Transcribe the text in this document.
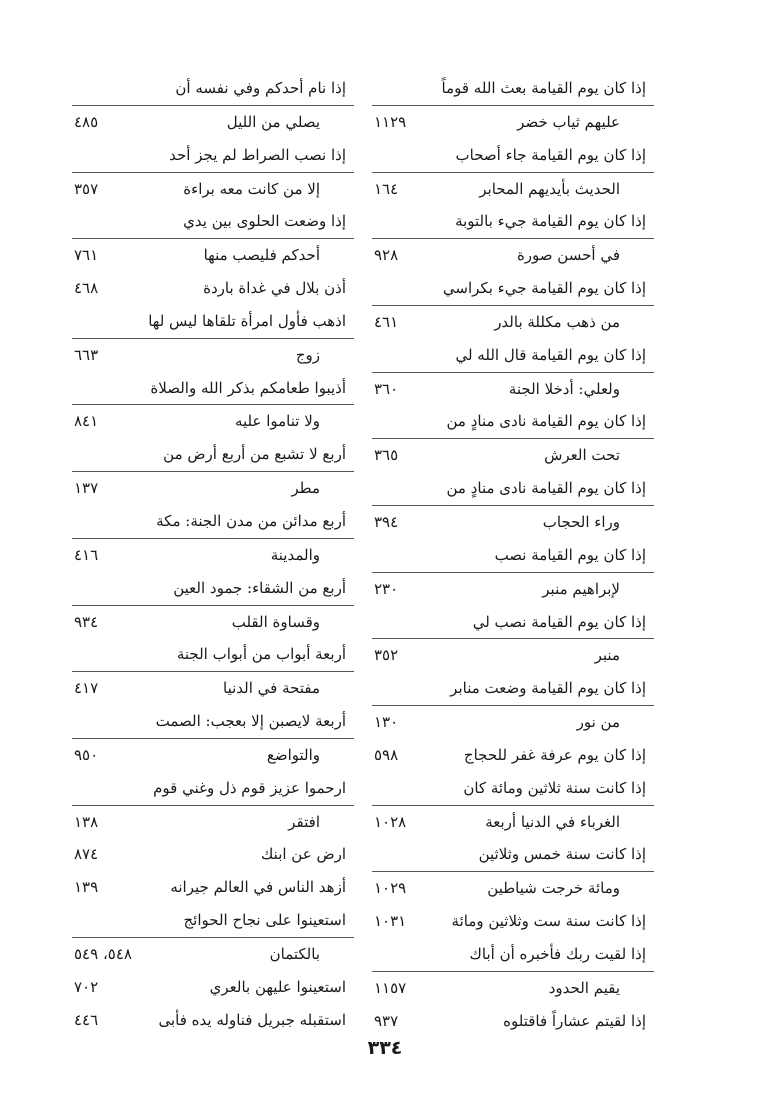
إذا كان يوم القيامة بعث الله قوماً
عليهم ثياب خضر
١١٢٩
إذا كان يوم القيامة جاء أصحاب
الحديث بأيديهم المحابر
١٦٤
إذا كان يوم القيامة جيء بالتوبة
في أحسن صورة
٩٢٨
إذا كان يوم القيامة جيء بكراسي
من ذهب مكللة بالدر
٤٦١
إذا كان يوم القيامة قال الله لي
ولعلي: أدخلا الجنة
٣٦٠
إذا كان يوم القيامة نادى منادٍ من
تحت العرش
٣٦٥
إذا كان يوم القيامة نادى منادٍ من
وراء الحجاب
٣٩٤
إذا كان يوم القيامة نصب
لإبراهيم منبر
٢٣٠
إذا كان يوم القيامة نصب لي
منبر
٣٥٢
إذا كان يوم القيامة وضعت منابر
من نور
١٣٠
إذا كان يوم عرفة غفر للحجاج
٥٩٨
إذا كانت سنة ثلاثين ومائة كان
الغرباء في الدنيا أربعة
١٠٢٨
إذا كانت سنة خمس وثلاثين
ومائة خرجت شياطين
١٠٢٩
إذا كانت سنة ست وثلاثين ومائة
١٠٣١
إذا لقيت ربك فأخبره أن أباك
يقيم الحدود
١١٥٧
إذا لقيتم عشاراً فاقتلوه
٩٣٧
إذا نام أحدكم وفي نفسه أن
يصلي من الليل
٤٨٥
إذا نصب الصراط لم يجز أحد
إلا من كانت معه براءة
٣٥٧
إذا وضعت الحلوى بين يدي
أحدكم فليصب منها
٧٦١
أذن بلال في غداة باردة
٤٦٨
اذهب فأول امرأة تلقاها ليس لها
زوج
٦٦٣
أذيبوا طعامكم بذكر الله والصلاة
ولا تناموا عليه
٨٤١
أربع لا تشبع من أربع أرض من
مطر
١٣٧
أربع مدائن من مدن الجنة: مكة
والمدينة
٤١٦
أربع من الشقاء: جمود العين
وقساوة القلب
٩٣٤
أربعة أبواب من أبواب الجنة
مفتحة في الدنيا
٤١٧
أربعة لايصبن إلا بعجب: الصمت
والتواضع
٩٥٠
ارحموا عزيز قوم ذل وغني قوم
افتقر
١٣٨
ارض عن ابنك
٨٧٤
أزهد الناس في العالم جيرانه
١٣٩
استعينوا على نجاح الحوائج
بالكتمان
٥٤٨، ٥٤٩
استعينوا عليهن بالعري
٧٠٢
استقبله جبريل فناوله يده فأبى
٤٤٦
٣٣٤
